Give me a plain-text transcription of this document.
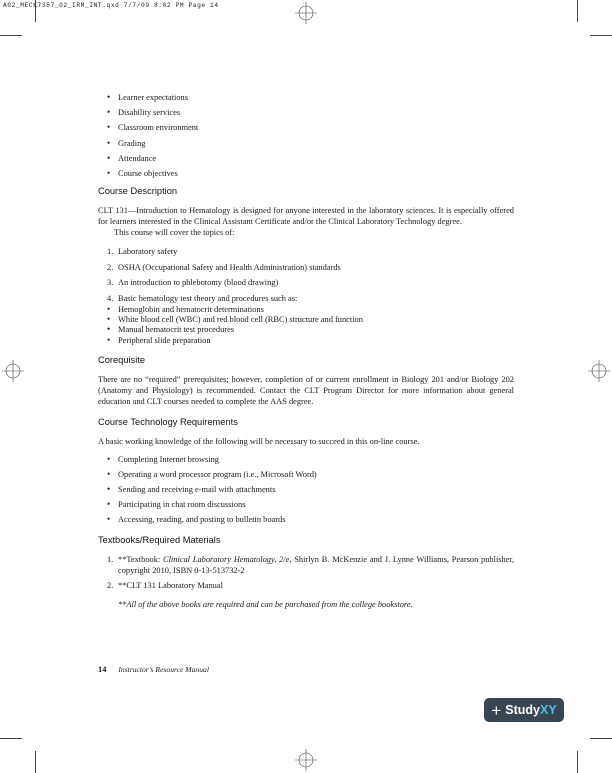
A02_MECK7357_02_IRM_INT.qxd 7/7/09 8:02 PM Page 14
• Learner expectations
• Disability services
• Classroom environment
• Grading
• Attendance
• Course objectives
Course Description

CLT 131—Introduction to Hematology is designed for anyone interested in the laboratory sciences. It is especially offered for learners interested in the Clinical Assistant Certificate and/or the Clinical Laboratory Technology degree.

This course will cover the topics of:

1. Laboratory safety
2. OSHA (Occupational Safety and Health Administration) standards
3. An introduction to phlebotomy (blood drawing)
4. Basic hematology test theory and procedures such as:
• Hemoglobin and hematocrit determinations
• White blood cell (WBC) and red blood cell (RBC) structure and function
• Manual hematocrit test procedures
• Peripheral slide preparation
Corequisite

There are no “required” prerequisites; however, completion of or current enrollment in Biology 201 and/or Biology 202 (Anatomy and Physiology) is recommended. Contact the CLT Program Director for more information about general education and CLT courses needed to complete the AAS degree.

Course Technology Requirements

A basic working knowledge of the following will be necessary to succeed in this on-line course.

• Completing Internet browsing
• Operating a word processor program (i.e., Microsoft Word)
• Sending and receiving e-mail with attachments
• Participating in chat room discussions
• Accessing, reading, and posting to bulletin boards
Textbooks/Required Materials
1. **Textbook: Clinical Laboratory Hematology, 2/e, Shirlyn B. McKenzie and J. Lynne Williams, Pearson publisher, copyright 2010, ISBN 0-13-513732-2
2. **CLT 131 Laboratory Manual

**All of the above books are required and can be purchased from the college bookstore.

14 Instructor’s Resource Manual
+ Study XY
